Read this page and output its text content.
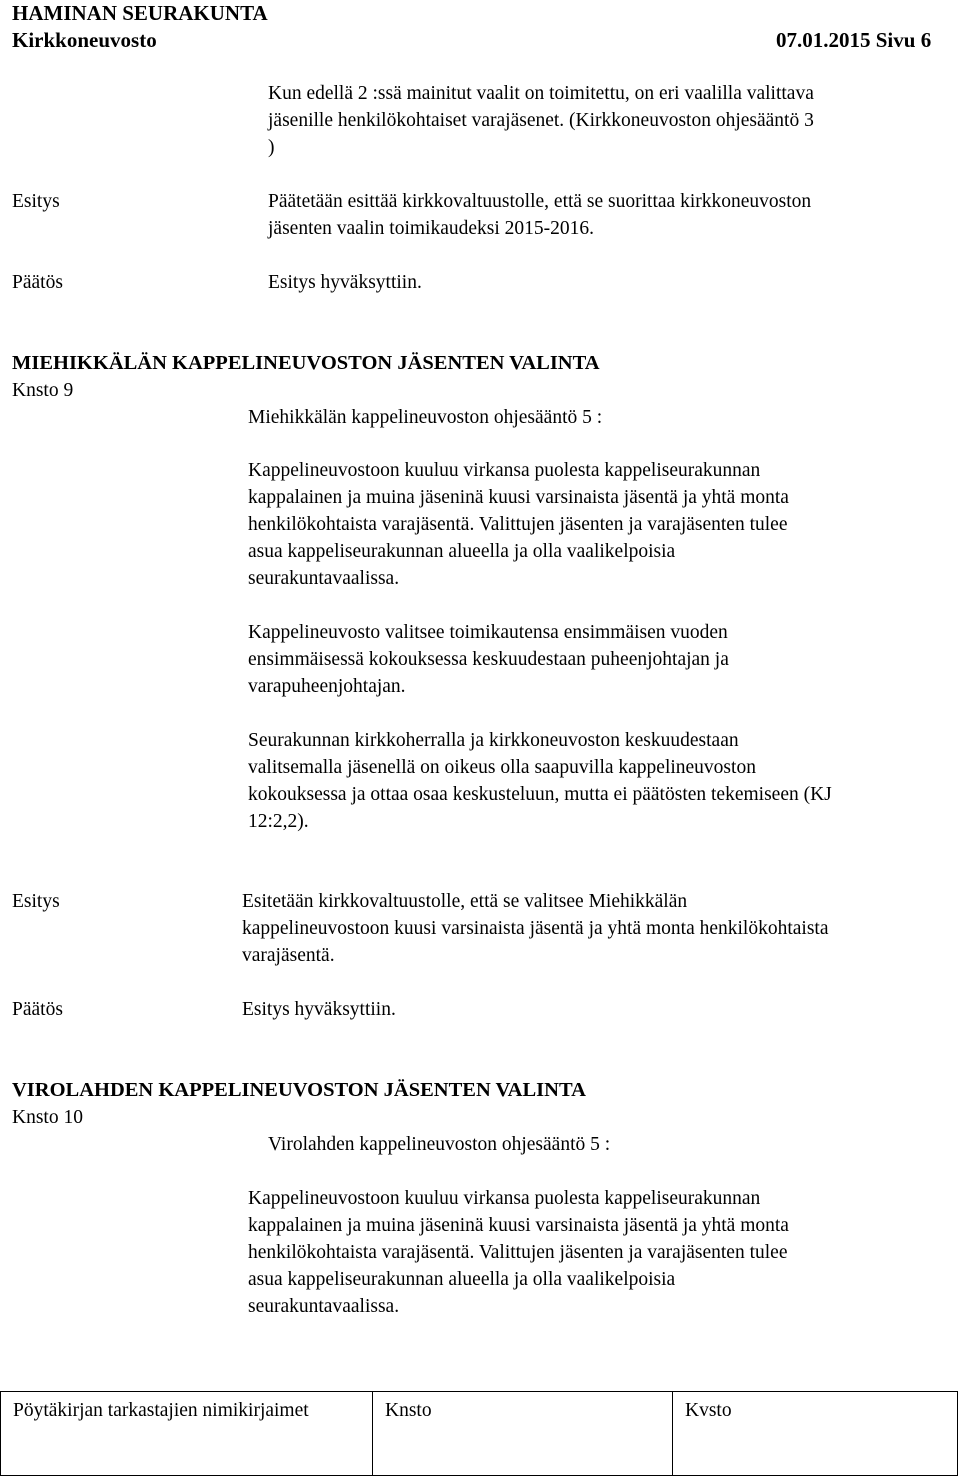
HAMINAN SEURAKUNTA
Kirkkoneuvosto	07.01.2015 Sivu 6
Kun edellä 2 :ssä mainitut vaalit on toimitettu, on eri vaalilla valittava
jäsenille henkilökohtaiset varajäsenet. (Kirkkoneuvoston ohjesääntö 3
)
Esitys	Päätetään esittää kirkkovaltuustolle, että se suorittaa kirkkoneuvoston
jäsenten vaalin toimikaudeksi 2015-2016.
Päätös	Esitys hyväksyttiin.
MIEHIKKÄLÄN KAPPELINEUVOSTON JÄSENTEN VALINTA
Knsto 9
Miehikkälän kappelineuvoston ohjesääntö 5 :
Kappelineuvostoon kuuluu virkansa puolesta kappeliseurakunnan
kappalainen ja muina jäseninä kuusi varsinaista jäsentä ja yhtä monta
henkilökohtaista varajäsentä. Valittujen jäsenten ja varajäsenten tulee
asua kappeliseurakunnan alueella ja olla vaalikelpoisia
seurakuntavaalissa.
Kappelineuvosto valitsee toimikautensa ensimmäisen vuoden
ensimmäisessä kokouksessa keskuudestaan puheenjohtajan ja
varapuheenjohtajan.
Seurakunnan kirkkoherralla ja kirkkoneuvoston keskuudestaan
valitsemalla jäsenellä on oikeus olla saapuvilla kappelineuvoston
kokouksessa ja ottaa osaa keskusteluun, mutta ei päätösten tekemiseen (KJ
12:2,2).
Esitys	Esitetään kirkkovaltuustolle, että se valitsee Miehikkälän
kappelineuvostoon kuusi varsinaista jäsentä ja yhtä monta henkilökohtaista
varajäsentä.
Päätös	Esitys hyväksyttiin.
VIROLAHDEN KAPPELINEUVOSTON JÄSENTEN VALINTA
Knsto 10
Virolahden kappelineuvoston ohjesääntö 5 :
Kappelineuvostoon kuuluu virkansa puolesta kappeliseurakunnan
kappalainen ja muina jäseninä kuusi varsinaista jäsentä ja yhtä monta
henkilökohtaista varajäsentä. Valittujen jäsenten ja varajäsenten tulee
asua kappeliseurakunnan alueella ja olla vaalikelpoisia
seurakuntavaalissa.
Pöytäkirjan tarkastajien nimikirjaimet	Knsto	Kvsto
